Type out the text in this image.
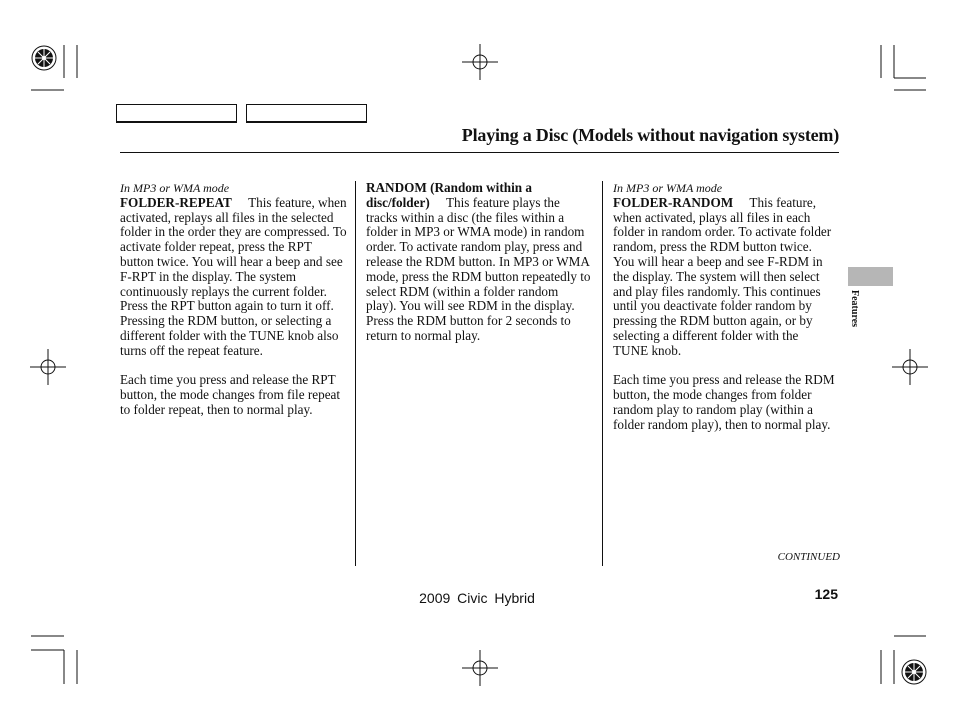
Playing a Disc (Models without navigation system)

In MP3 or WMA mode
FOLDER-REPEAT This feature, when activated, replays all files in the selected folder in the order they are compressed. To activate folder repeat, press the RPT button twice. You will hear a beep and see F-RPT in the display. The system continuously replays the current folder. Press the RPT button again to turn it off. Pressing the RDM button, or selecting a different folder with the TUNE knob also turns off the repeat feature.

Each time you press and release the RPT button, the mode changes from file repeat to folder repeat, then to normal play.

RANDOM (Random within a disc/folder) This feature plays the tracks within a disc (the files within a folder in MP3 or WMA mode) in random order. To activate random play, press and release the RDM button. In MP3 or WMA mode, press the RDM button repeatedly to select RDM (within a folder random play). You will see RDM in the display. Press the RDM button for 2 seconds to return to normal play.

In MP3 or WMA mode
FOLDER-RANDOM This feature, when activated, plays all files in each folder in random order. To activate folder random, press the RDM button twice. You will hear a beep and see F-RDM in the display. The system will then select and play files randomly. This continues until you deactivate folder random by pressing the RDM button again, or by selecting a different folder with the TUNE knob.

Each time you press and release the RDM button, the mode changes from folder random play to random play (within a folder random play), then to normal play.

Features
CONTINUED
2009 Civic Hybrid	125
